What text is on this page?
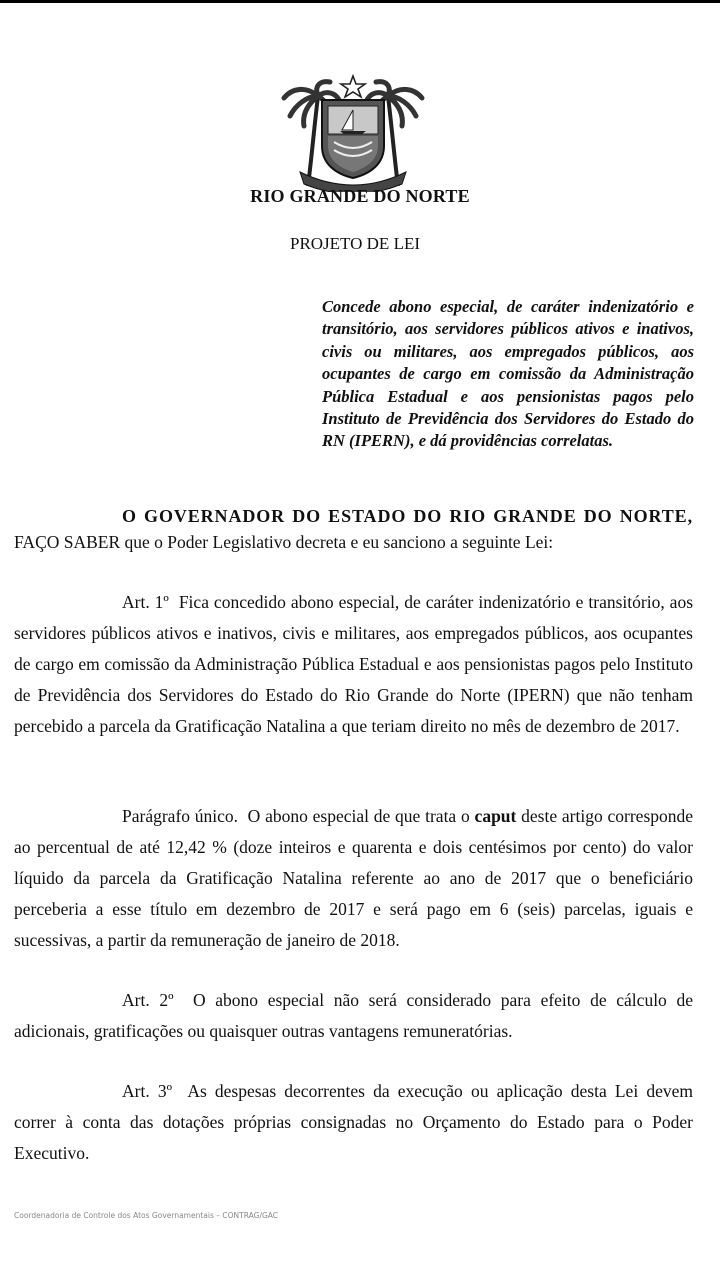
RIO GRANDE DO NORTE
PROJETO DE LEI
Concede abono especial, de caráter indenizatório e transitório, aos servidores públicos ativos e inativos, civis ou militares, aos empregados públicos, aos ocupantes de cargo em comissão da Administração Pública Estadual e aos pensionistas pagos pelo Instituto de Previdência dos Servidores do Estado do RN (IPERN), e dá providências correlatas.
O GOVERNADOR DO ESTADO DO RIO GRANDE DO NORTE,
FAÇO SABER que o Poder Legislativo decreta e eu sanciono a seguinte Lei:
Art. 1º Fica concedido abono especial, de caráter indenizatório e transitório, aos servidores públicos ativos e inativos, civis e militares, aos empregados públicos, aos ocupantes de cargo em comissão da Administração Pública Estadual e aos pensionistas pagos pelo Instituto de Previdência dos Servidores do Estado do Rio Grande do Norte (IPERN) que não tenham percebido a parcela da Gratificação Natalina a que teriam direito no mês de dezembro de 2017.
Parágrafo único. O abono especial de que trata o caput deste artigo corresponde ao percentual de até 12,42 % (doze inteiros e quarenta e dois centésimos por cento) do valor líquido da parcela da Gratificação Natalina referente ao ano de 2017 que o beneficiário perceberia a esse título em dezembro de 2017 e será pago em 6 (seis) parcelas, iguais e sucessivas, a partir da remuneração de janeiro de 2018.
Art. 2º O abono especial não será considerado para efeito de cálculo de adicionais, gratificações ou quaisquer outras vantagens remuneratórias.
Art. 3º As despesas decorrentes da execução ou aplicação desta Lei devem correr à conta das dotações próprias consignadas no Orçamento do Estado para o Poder Executivo.
Coordenadoria de Controle dos Atos Governamentais – CONTRAG/GAC
